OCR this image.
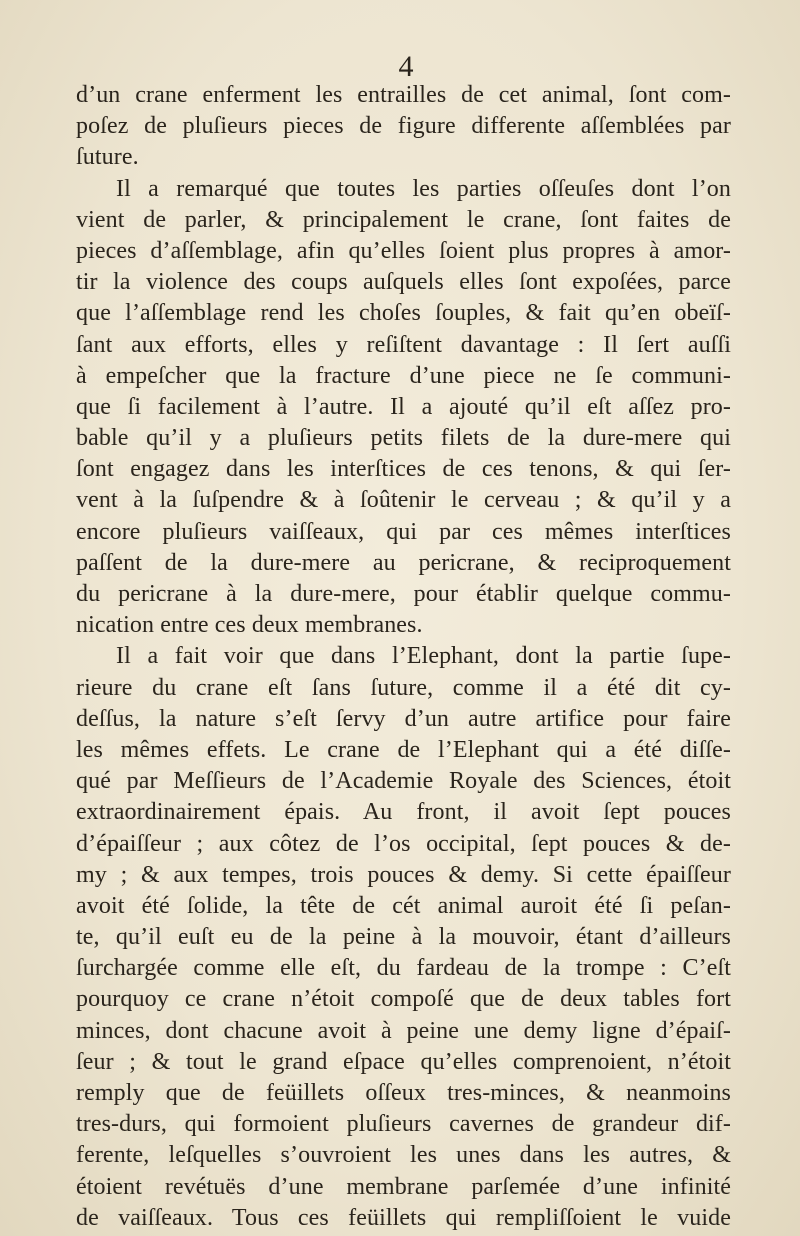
4
d’un crane enferment les entrailles de cet animal, ſont com-
poſez de pluſieurs pieces de figure differente aſſemblées par
ſuture.
Il a remarqué que toutes les parties oſſeuſes dont l’on
vient de parler, & principalement le crane, ſont faites de
pieces d’aſſemblage, afin qu’elles ſoient plus propres à amor-
tir la violence des coups auſquels elles ſont expoſées, parce
que l’aſſemblage rend les choſes ſouples, & fait qu’en obeïſ-
ſant aux efforts, elles y reſiſtent davantage : Il ſert auſſi
à empeſcher que la fracture d’une piece ne ſe communi-
que ſi facilement à l’autre. Il a ajouté qu’il eſt aſſez pro-
bable qu’il y a pluſieurs petits filets de la dure-mere qui
ſont engagez dans les interſtices de ces tenons, & qui ſer-
vent à la ſuſpendre & à ſoûtenir le cerveau ; & qu’il y a
encore pluſieurs vaiſſeaux, qui par ces mêmes interſtices
paſſent de la dure-mere au pericrane, & reciproquement
du pericrane à la dure-mere, pour établir quelque commu-
nication entre ces deux membranes.
Il a fait voir que dans l’Elephant, dont la partie ſupe-
rieure du crane eſt ſans ſuture, comme il a été dit cy-
deſſus, la nature s’eſt ſervy d’un autre artifice pour faire
les mêmes effets. Le crane de l’Elephant qui a été diſſe-
qué par Meſſieurs de l’Academie Royale des Sciences, étoit
extraordinairement épais. Au front, il avoit ſept pouces
d’épaiſſeur ; aux côtez de l’os occipital, ſept pouces & de-
my ; & aux tempes, trois pouces & demy. Si cette épaiſſeur
avoit été ſolide, la tête de cét animal auroit été ſi peſan-
te, qu’il euſt eu de la peine à la mouvoir, étant d’ailleurs
ſurchargée comme elle eſt, du fardeau de la trompe : C’eſt
pourquoy ce crane n’étoit compoſé que de deux tables fort
minces, dont chacune avoit à peine une demy ligne d’épaiſ-
ſeur ; & tout le grand eſpace qu’elles comprenoient, n’étoit
remply que de feüillets oſſeux tres-minces, & neanmoins
tres-durs, qui formoient pluſieurs cavernes de grandeur dif-
ferente, leſquelles s’ouvroient les unes dans les autres, &
étoient revétuës d’une membrane parſemée d’une infinité
de vaiſſeaux. Tous ces feüillets qui rempliſſoient le vuide
